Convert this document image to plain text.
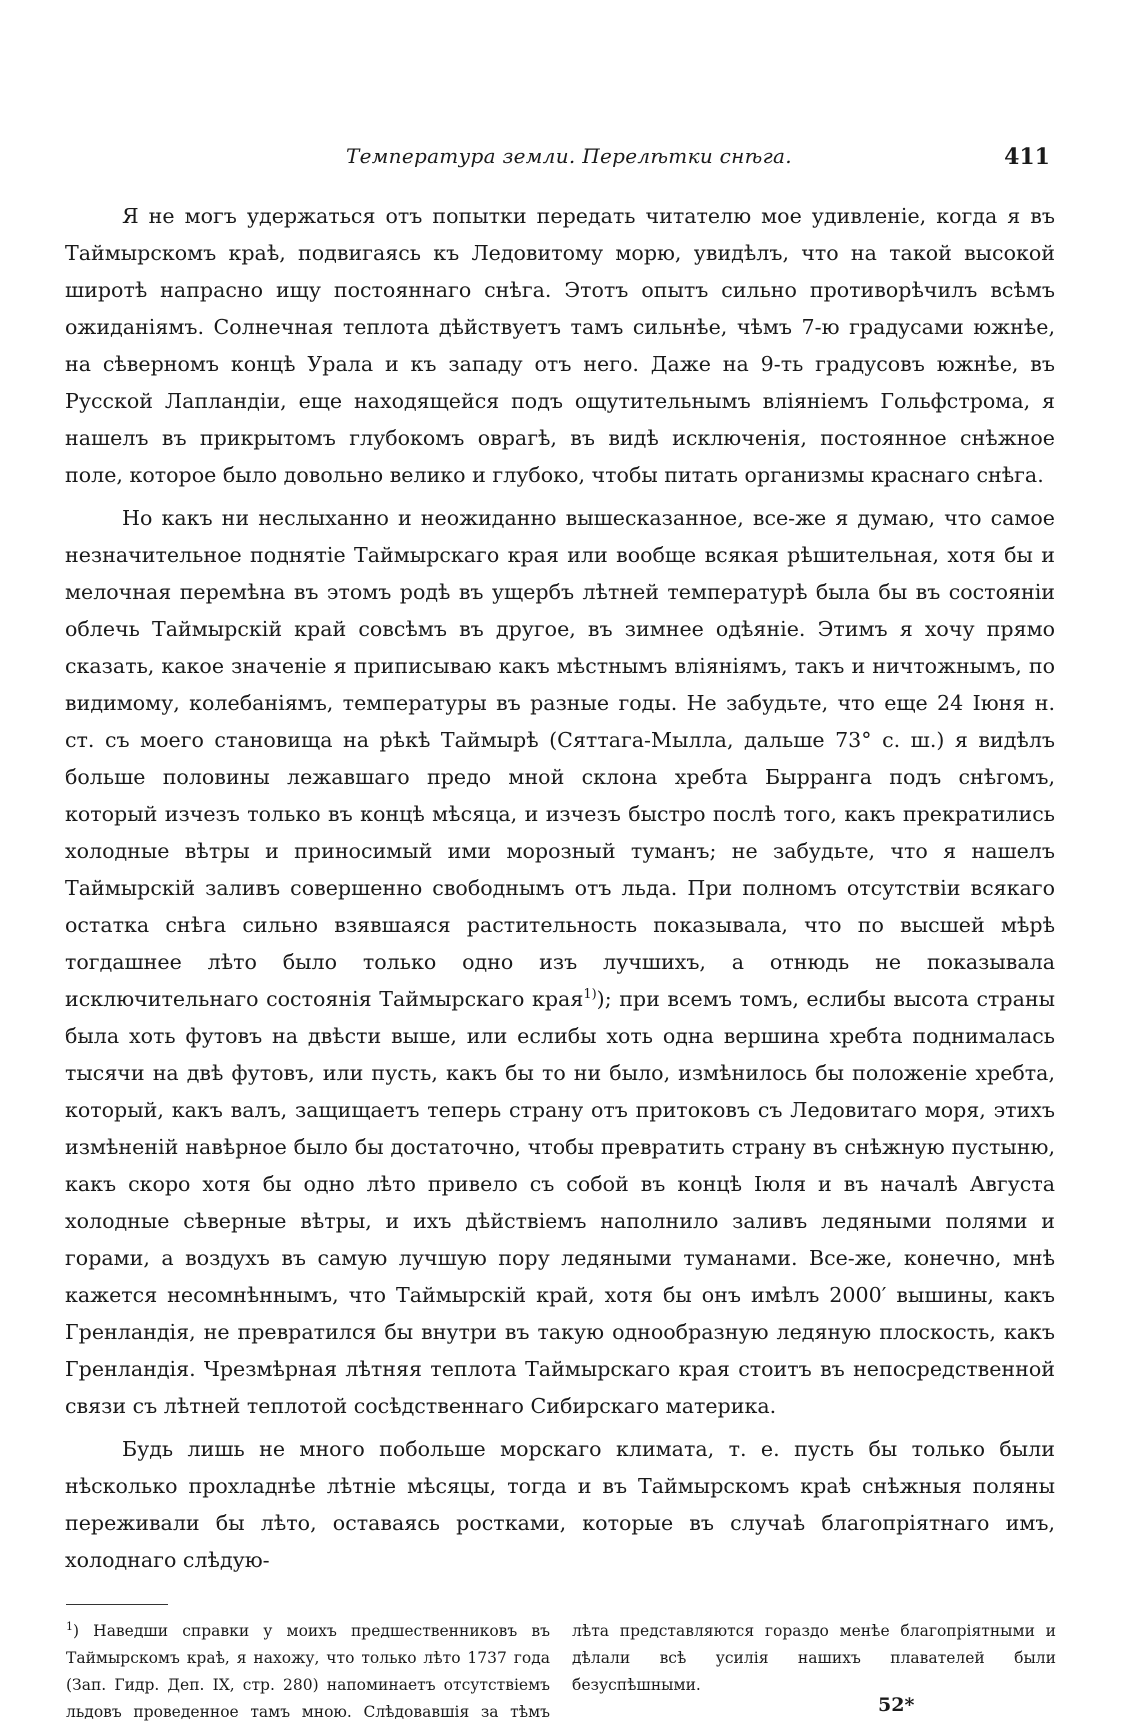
Температура земли. Перелѣтки снѣга.	411

Я не могъ удержаться отъ попытки передать читателю мое удивленіе, когда я въ Таймырскомъ краѣ, подвигаясь къ Ледовитому морю, увидѣлъ, что на такой высокой широтѣ напрасно ищу постояннаго снѣга. Этотъ опытъ сильно противорѣчилъ всѣмъ ожиданіямъ. Солнечная теплота дѣйствуетъ тамъ сильнѣе, чѣмъ 7-ю градусами южнѣе, на сѣверномъ концѣ Урала и къ западу отъ него. Даже на 9-ть градусовъ южнѣе, въ Русской Лапландіи, еще находящейся подъ ощутительнымъ вліяніемъ Гольфстрома, я нашелъ въ прикрытомъ глубокомъ оврагѣ, въ видѣ исключенія, постоянное снѣжное поле, которое было довольно велико и глубоко, чтобы питать организмы краснаго снѣга.

Но какъ ни неслыханно и неожиданно вышесказанное, все-же я думаю, что самое незначительное поднятіе Таймырскаго края или вообще всякая рѣшительная, хотя бы и мелочная перемѣна въ этомъ родѣ въ ущербъ лѣтней температурѣ была бы въ состояніи облечь Таймырскій край совсѣмъ въ другое, въ зимнее одѣяніе. Этимъ я хочу прямо сказать, какое значеніе я приписываю какъ мѣстнымъ вліяніямъ, такъ и ничтожнымъ, по видимому, колебаніямъ, температуры въ разные годы. Не забудьте, что еще 24 Іюня н. ст. съ моего становища на рѣкѣ Таймырѣ (Сяттага-Мылла, дальше 73° с. ш.) я видѣлъ больше половины лежавшаго предо мной склона хребта Бырранга подъ снѣгомъ, который изчезъ только въ концѣ мѣсяца, и изчезъ быстро послѣ того, какъ прекратились холодные вѣтры и приносимый ими морозный туманъ; не забудьте, что я нашелъ Таймырскій заливъ совершенно свободнымъ отъ льда. При полномъ отсутствіи всякаго остатка снѣга сильно взявшаяся растительность показывала, что по высшей мѣрѣ тогдашнее лѣто было только одно изъ лучшихъ, а отнюдь не показывала исключительнаго состоянія Таймырскаго края$^{1)}$); при всемъ томъ, еслибы высота страны была хоть футовъ на двѣсти выше, или еслибы хоть одна вершина хребта поднималась тысячи на двѣ футовъ, или пусть, какъ бы то ни было, измѣнилось бы положеніе хребта, который, какъ валъ, защищаетъ теперь страну отъ притоковъ съ Ледовитаго моря, этихъ измѣненій навѣрное было бы достаточно, чтобы превратить страну въ снѣжную пустыню, какъ скоро хотя бы одно лѣто привело съ собой въ концѣ Іюля и въ началѣ Августа холодные сѣверные вѣтры, и ихъ дѣйствіемъ наполнило заливъ ледяными полями и горами, а воздухъ въ самую лучшую пору ледяными туманами. Все-же, конечно, мнѣ кажется несомнѣннымъ, что Таймырскій край, хотя бы онъ имѣлъ 2000′ вышины, какъ Гренландія, не превратился бы внутри въ такую однообразную ледяную плоскость, какъ Гренландія. Чрезмѣрная лѣтняя теплота Таймырскаго края стоитъ въ непосредственной связи съ лѣтней теплотой сосѣдственнаго Сибирскаго материка.

Будь лишь не много побольше морскаго климата, т. е. пусть бы только были нѣсколько прохладнѣе лѣтніе мѣсяцы, тогда и въ Таймырскомъ краѣ снѣжныя поляны переживали бы лѣто, оставаясь ростками, которые въ случаѣ благопріятнаго имъ, холоднаго слѣдую-

$^1$) Наведши справки у моихъ предшественниковъ въ Таймырскомъ краѣ, я нахожу, что только лѣто 1737 года (Зап. Гидр. Деп. IX, стр. 280) напоминаетъ отсутствіемъ льдовъ проведенное тамъ мною. Слѣдовавшія за тѣмъ лѣта представляются гораздо менѣе благопріятными и дѣлали всѣ усилія нашихъ плавателей были безуспѣшными.

52*
